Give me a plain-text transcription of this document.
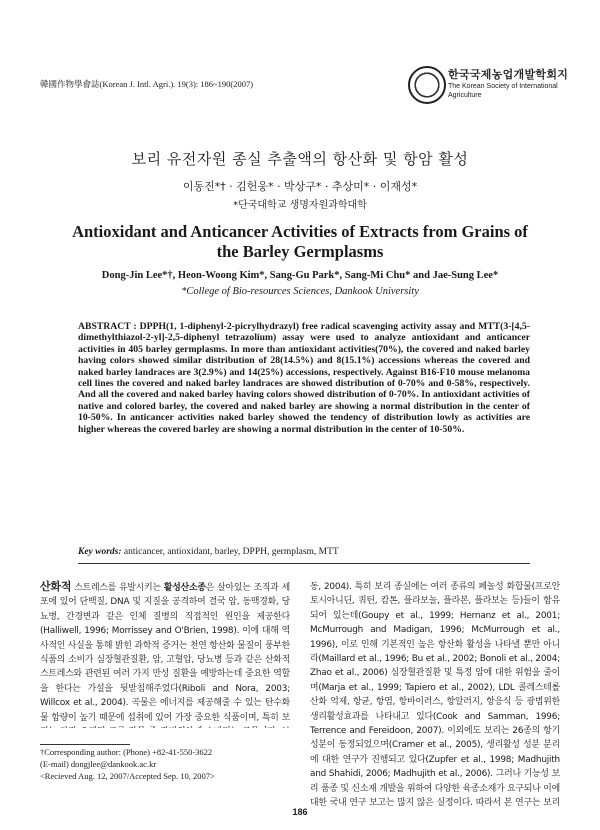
韓國作物學會誌(Korean J. Intl. Agri.). 19(3): 186~190(2007)
한국국제농업개발학회지
The Korean Society of International Agriculture
보리 유전자원 종실 추출액의 항산화 및 항암 활성
이동진*† · 김헌웅* · 박상구* · 추상미* · 이재성*
*단국대학교 생명자원과학대학
Antioxidant and Anticancer Activities of Extracts from Grains of the Barley Germplasms
Dong-Jin Lee*†, Heon-Woong Kim*, Sang-Gu Park*, Sang-Mi Chu* and Jae-Sung Lee*
*College of Bio-resources Sciences, Dankook University
ABSTRACT : DPPH(1, 1-diphenyl-2-picrylhydrazyl) free radical scavenging activity assay and MTT(3-[4,5-dimethylthiazol-2-yl]-2,5-diphenyl tetrazolium) assay were used to analyze antioxidant and anticancer activities in 405 barley germplasms. In more than antioxidant activities(70%), the covered and naked barley having colors showed similar distribution of 28(14.5%) and 8(15.1%) accessions whereas the covered and naked barley landraces are 3(2.9%) and 14(25%) accessions, respectively. Against B16-F10 mouse melanoma cell lines the covered and naked barley landraces are showed distribution of 0-70% and 0-58%, respectively. And all the covered and naked barley having colors showed distribution of 0-70%. In antioxidant activities of native and colored barley, the covered and naked barley are showing a normal distribution in the center of 10-50%. In anticancer activities naked barley showed the tendency of distribution lowly as activities are higher whereas the covered barley are showing a normal distribution in the center of 10-50%.
Key words: anticancer, antioxidant, barley, DPPH, germplasm, MTT
산화적 스트레스를 유발시키는 활성산소종은 살아있는 조직과 세포에 있어 단백질, DNA 및 지질을 공격하여 결국 암, 동맥경화, 당뇨병, 간경변과 같은 인체 질병의 직접적인 원인을 제공한다(Halliwell, 1996; Morrissey and O'Brien, 1998). 이에 대해 역사적인 사실을 통해 밝힌 과학적 증거는 천연 항산화 물질이 풍부한 식품의 소비가 심장혈관질환, 암, 고혈압, 당뇨병 등과 같은 산화적 스트레스와 관련된 여러 가지 만성 질환을 예방하는데 중요한 역할을 한다는 가설을 뒷받침해주었다(Riboli and Nora, 2003; Willcox et al., 2004). 곡물은 에너지를 제공해줄 수 있는 탄수화물 함량이 높기 때문에 섭취에 있어 가장 중요한 식품이며, 특히 보
동, 2004). 특히 보리 종실에는 여러 종류의 페놀성 화합물(프로안토시아니딘, 쿼틴, 캄톤, 플라보놀, 플라본, 플라보논 등)들이 함유되어 있는데(Goupy et al., 1999; Hernanz et al., 2001; McMurrough and Madigan, 1996; McMurrough et al., 1996), 이로 인해 기본적인 높은 항산화 활성을 나타낼 뿐만 아니라(Maillard et al., 1996; Bu et al., 2002; Bonoli et al., 2004; Zhao et al., 2006) 심장혈관질환 및 특정 암에 대한 위험을 줄이며(Marja et al., 1999; Tapiero et al., 2002), LDL 콜레스테롤 산화 억제, 항균, 항염, 항바이러스, 항알러지, 항응식 등 광범위한 생리활성효과를 나타내고 있다(Cook and Samman, 1996; Terrence and Fereidoon, 2007). 이외에도 보리는 26종의 항기성분이 동정되었으며(Cramer et al., 2005), 생리활성 성분 분리에 대한 연구가 진행되고 있다(Zupfer et al., 1998; Madhujith and Shahidi, 2006; Madhujith et al., 2006). 그러나 기능성 보리 품종 및 신소재 개발을 위하여 다양한 육종소재가 요구되나 이에 대한 국내 연구 보고는 많지 않은 실정이다. 따라서 본 연구는 보리
†Corresponding author: (Phone) +82-41-550-3622
(E-mail) dongjlee@dankook.ac.kr
<Recieved Aug. 12, 2007/Accepted Sep. 10, 2007>
186
